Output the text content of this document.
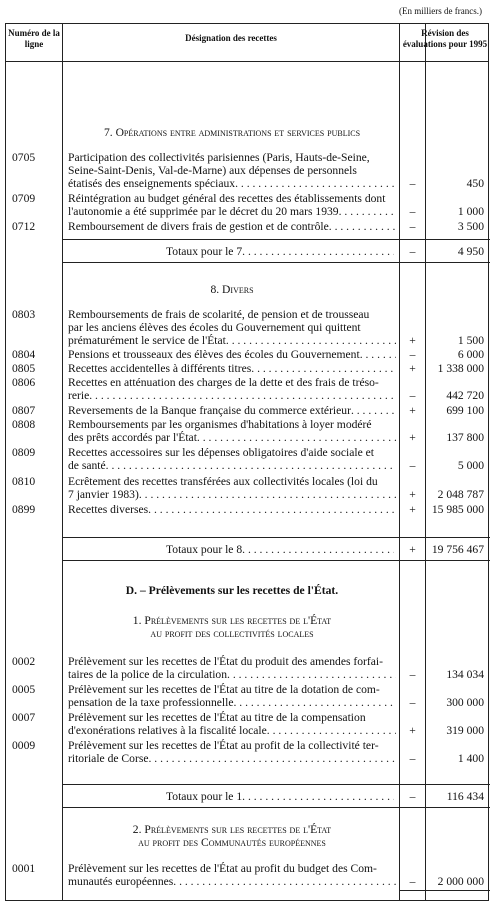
(En milliers de francs.)
Numéro de la ligne
Désignation des recettes	Révision des évaluations pour 1995
7. Opérations entre administrations et services publics
0705	Participation des collectivités parisiennes (Paris, Hauts-de-Seine,
Seine-Saint-Denis, Val-de-Marne) aux dépenses de personnels
étatisés des enseignements spéciaux . . .	–	450
0709	Réintégration au budget général des recettes des établissements dont
l'autonomie a été supprimée par le décret du 20 mars 1939 . . .	–	1 000
0712	Remboursement de divers frais de gestion et de contrôle . . .	–	3 500
Totaux pour le 7 . . .	–	4 950
8. Divers
0803	Remboursements de frais de scolarité, de pension et de trousseau
par les anciens élèves des écoles du Gouvernement qui quittent
prématurément le service de l'État . . .	+	1 500
0804	Pensions et trousseaux des élèves des écoles du Gouvernement . . .	–	6 000
0805	Recettes accidentelles à différents titres . . .	+	1 338 000
0806	Recettes en atténuation des charges de la dette et des frais de tréso-
rerie . . .	–	442 720
0807	Reversements de la Banque française du commerce extérieur . . .	+	699 100
0808	Remboursements par les organismes d'habitations à loyer modéré
des prêts accordés par l'État . . .	+	137 800
0809	Recettes accessoires sur les dépenses obligatoires d'aide sociale et
de santé . . .	–	5 000
0810	Ecrêtement des recettes transférées aux collectivités locales (loi du
7 janvier 1983) . . .	+	2 048 787
0899	Recettes diverses . . .	+	15 985 000
Totaux pour le 8 . . .	+	19 756 467
D. – Prélèvements sur les recettes de l'État.
1. Prélèvements sur les recettes de l'État
au profit des collectivités locales
0002	Prélèvement sur les recettes de l'État du produit des amendes forfai-
taires de la police de la circulation . . .	–	134 034
0005	Prélèvement sur les recettes de l'État au titre de la dotation de com-
pensation de la taxe professionnelle . . .	–	300 000
0007	Prélèvement sur les recettes de l'État au titre de la compensation
d'exonérations relatives à la fiscalité locale . . .	+	319 000
0009	Prélèvement sur les recettes de l'État au profit de la collectivité ter-
ritoriale de Corse . . .	–	1 400
Totaux pour le 1 . . .	–	116 434
2. Prélèvements sur les recettes de l'État
au profit des Communautés européennes
0001	Prélèvement sur les recettes de l'État au profit du budget des Com-
munautés européennes . . .	–	2 000 000
